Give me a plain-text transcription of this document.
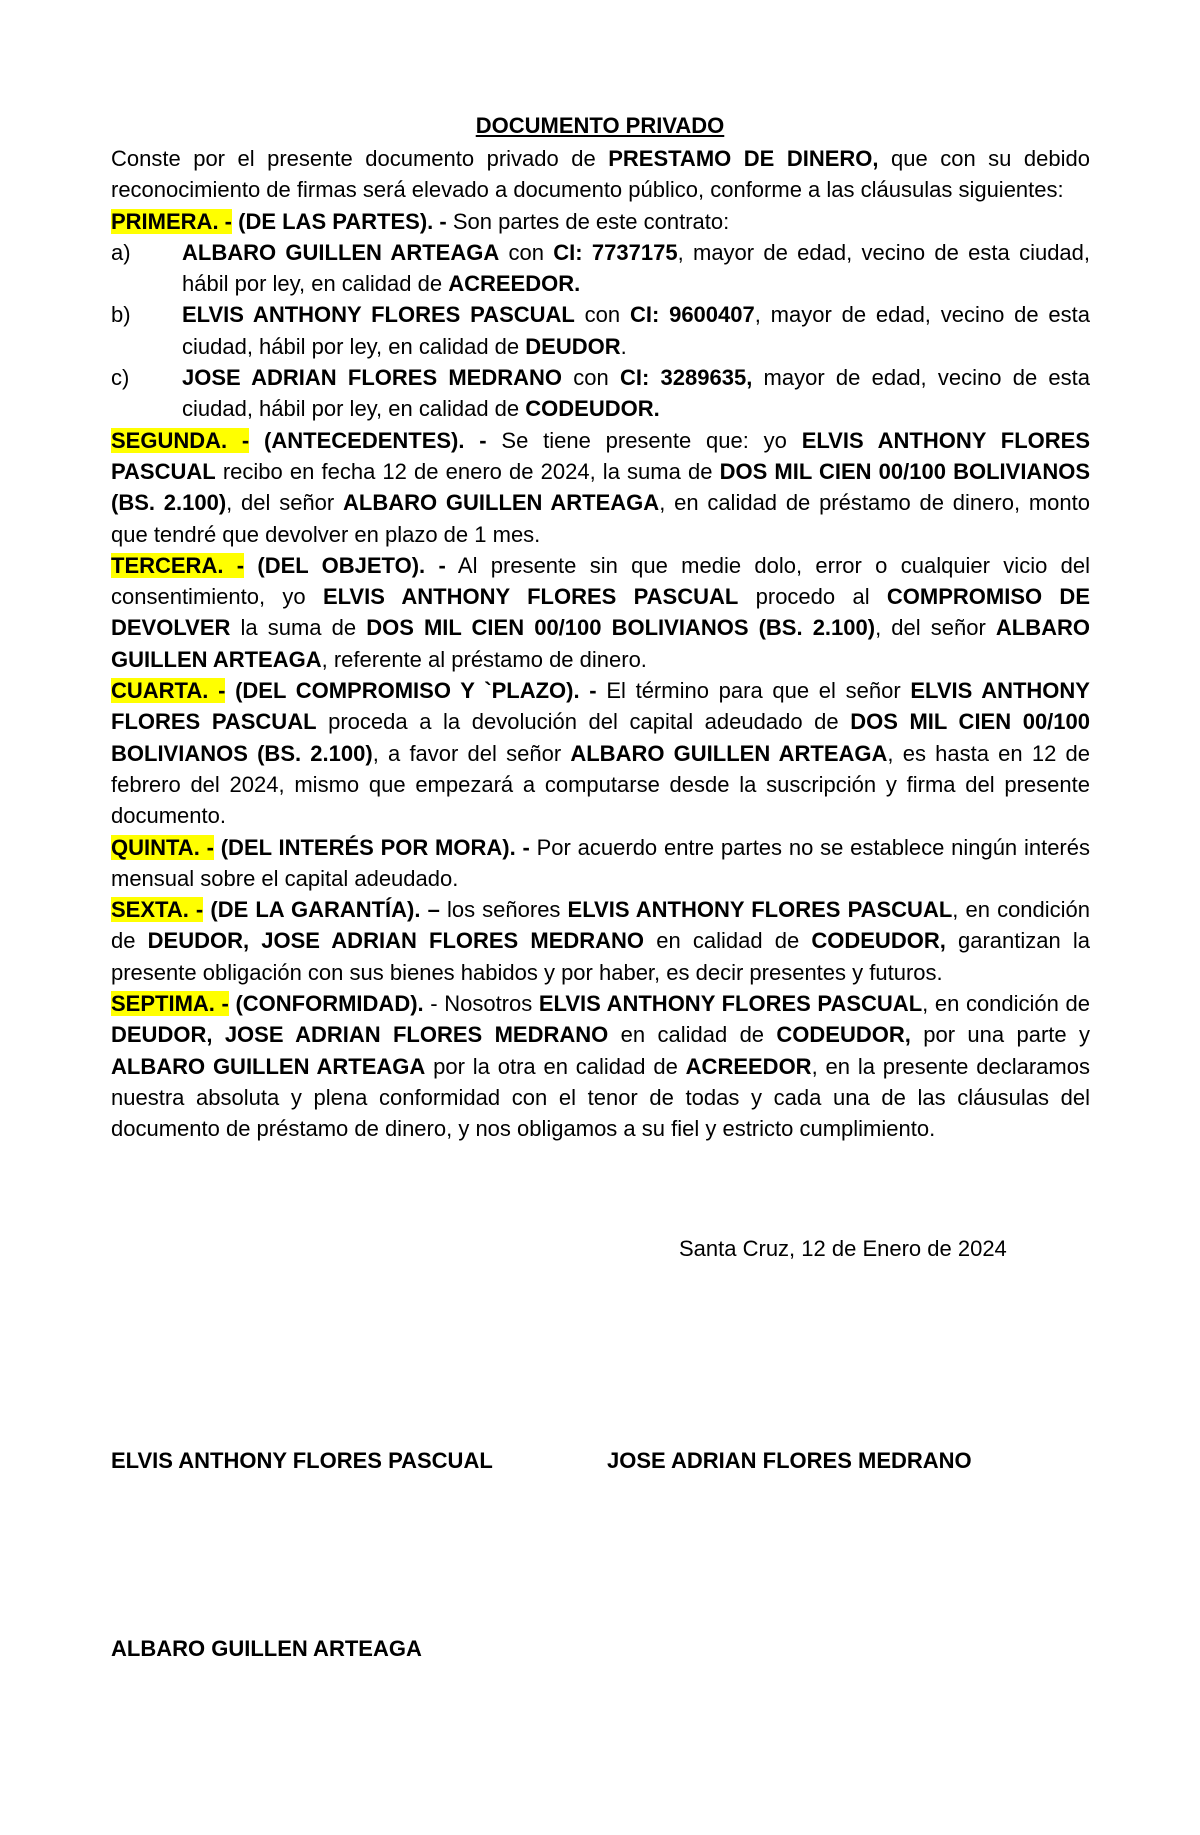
DOCUMENTO PRIVADO

Conste por el presente documento privado de PRESTAMO DE DINERO, que con su debido reconocimiento de firmas será elevado a documento público, conforme a las cláusulas siguientes:

PRIMERA. - (DE LAS PARTES). - Son partes de este contrato:

a)	ALBARO GUILLEN ARTEAGA con CI: 7737175, mayor de edad, vecino de esta ciudad, hábil por ley, en calidad de ACREEDOR.
b)	ELVIS ANTHONY FLORES PASCUAL con CI: 9600407, mayor de edad, vecino de esta ciudad, hábil por ley, en calidad de DEUDOR.
c)	JOSE ADRIAN FLORES MEDRANO con CI: 3289635, mayor de edad, vecino de esta ciudad, hábil por ley, en calidad de CODEUDOR.

SEGUNDA. - (ANTECEDENTES). - Se tiene presente que: yo ELVIS ANTHONY FLORES PASCUAL recibo en fecha 12 de enero de 2024, la suma de DOS MIL CIEN 00/100 BOLIVIANOS (BS. 2.100), del señor ALBARO GUILLEN ARTEAGA, en calidad de préstamo de dinero, monto que tendré que devolver en plazo de 1 mes.

TERCERA. - (DEL OBJETO). - Al presente sin que medie dolo, error o cualquier vicio del consentimiento, yo ELVIS ANTHONY FLORES PASCUAL procedo al COMPROMISO DE DEVOLVER la suma de DOS MIL CIEN 00/100 BOLIVIANOS (BS. 2.100), del señor ALBARO GUILLEN ARTEAGA, referente al préstamo de dinero.

CUARTA. - (DEL COMPROMISO Y `PLAZO). - El término para que el señor ELVIS ANTHONY FLORES PASCUAL proceda a la devolución del capital adeudado de DOS MIL CIEN 00/100 BOLIVIANOS (BS. 2.100), a favor del señor ALBARO GUILLEN ARTEAGA, es hasta en 12 de febrero del 2024, mismo que empezará a computarse desde la suscripción y firma del presente documento.

QUINTA. - (DEL INTERÉS POR MORA). - Por acuerdo entre partes no se establece ningún interés mensual sobre el capital adeudado.

SEXTA. - (DE LA GARANTÍA). – los señores ELVIS ANTHONY FLORES PASCUAL, en condición de DEUDOR, JOSE ADRIAN FLORES MEDRANO en calidad de CODEUDOR, garantizan la presente obligación con sus bienes habidos y por haber, es decir presentes y futuros.

SEPTIMA. - (CONFORMIDAD). - Nosotros ELVIS ANTHONY FLORES PASCUAL, en condición de DEUDOR, JOSE ADRIAN FLORES MEDRANO en calidad de CODEUDOR, por una parte y ALBARO GUILLEN ARTEAGA por la otra en calidad de ACREEDOR, en la presente declaramos nuestra absoluta y plena conformidad con el tenor de todas y cada una de las cláusulas del documento de préstamo de dinero, y nos obligamos a su fiel y estricto cumplimiento.

Santa Cruz, 12 de Enero de 2024
ELVIS ANTHONY FLORES PASCUAL	JOSE ADRIAN FLORES MEDRANO
ALBARO GUILLEN ARTEAGA
